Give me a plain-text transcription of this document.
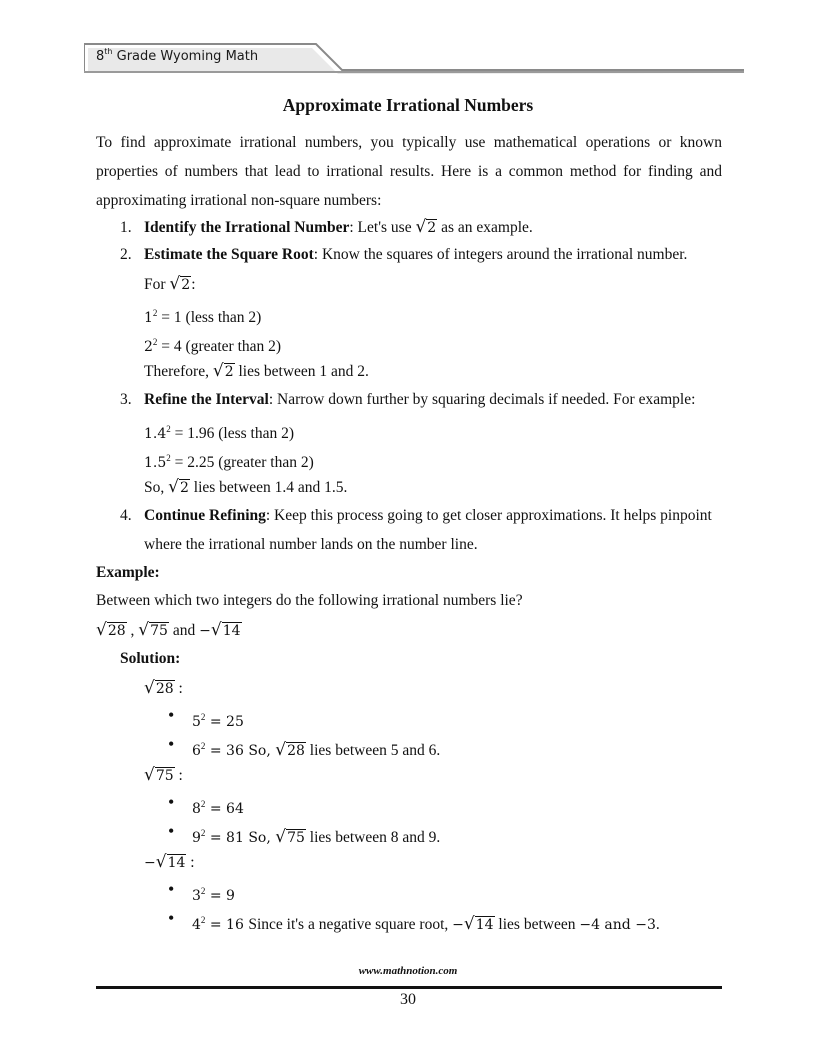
8th Grade Wyoming Math
Approximate Irrational Numbers
To find approximate irrational numbers, you typically use mathematical operations or known properties of numbers that lead to irrational results. Here is a common method for finding and approximating irrational non-square numbers:
1. Identify the Irrational Number: Let's use √2 as an example.
2. Estimate the Square Root: Know the squares of integers around the irrational number.
For √2:
$1^2 = 1$ (less than 2)
$2^2 = 4$ (greater than 2)
Therefore, √2 lies between 1 and 2.
3. Refine the Interval: Narrow down further by squaring decimals if needed. For example:
$1.4^2 = 1.96$ (less than 2)
$1.5^2 = 2.25$ (greater than 2)
So, √2 lies between 1.4 and 1.5.
4. Continue Refining: Keep this process going to get closer approximations. It helps pinpoint
where the irrational number lands on the number line.
Example:
Between which two integers do the following irrational numbers lie?
√28 , √75 and −√14
Solution:
√28 :
• $5^2 = 25$
• $6^2 = 36$ So, √28 lies between 5 and 6.
√75 :
• $8^2 = 64$
• $9^2 = 81$ So, √75 lies between 8 and 9.
−√14 :
• $3^2 = 9$
• $4^2 = 16$ Since it's a negative square root, −√14 lies between −4 and −3.
www.mathnotion.com
30
